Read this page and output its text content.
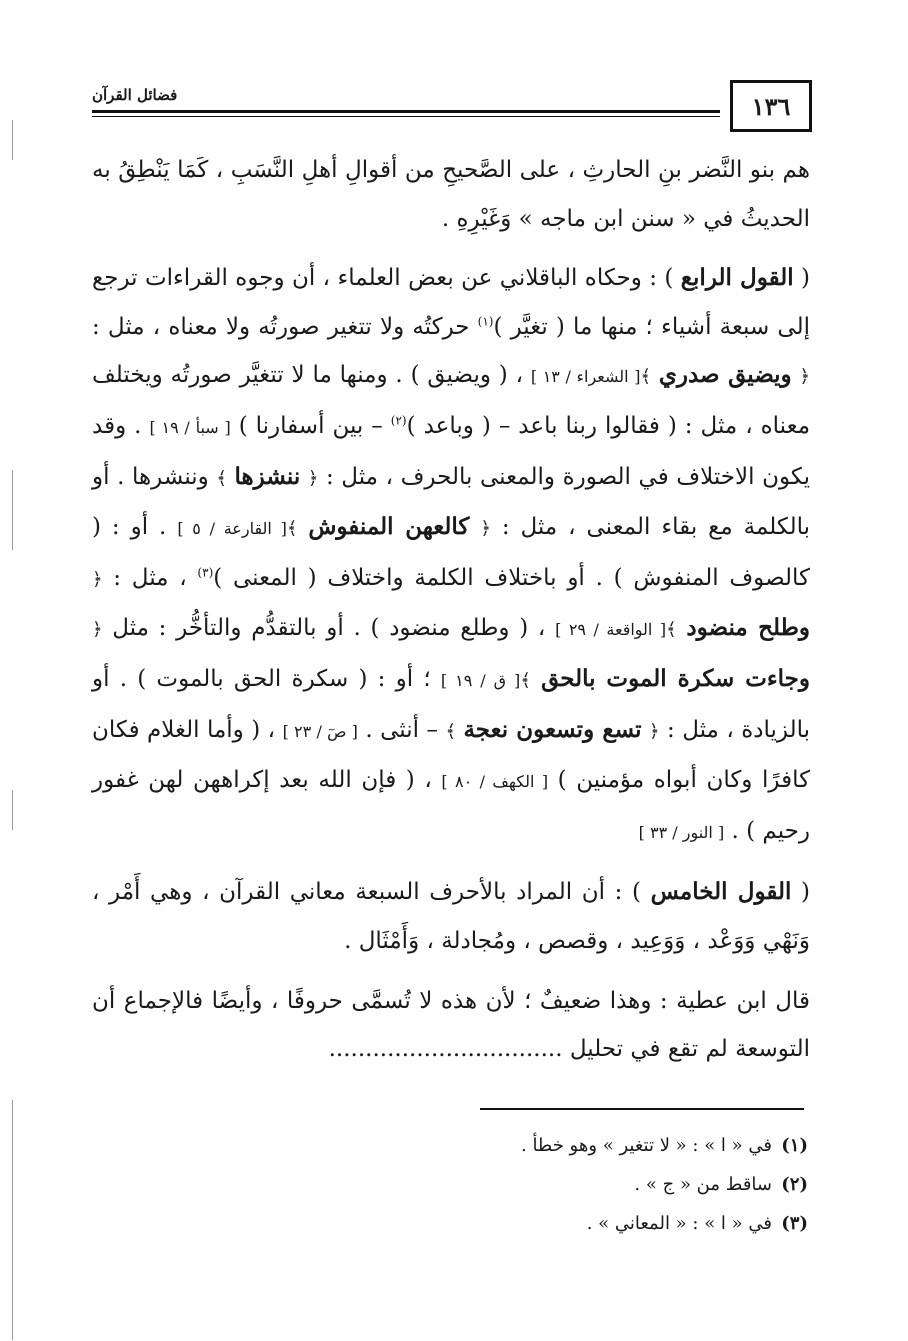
١٣٦
فضائل القرآن

هم بنو النَّضر بنِ الحارثِ ، على الصَّحيحِ من أقوالِ أهلِ النَّسَبِ ، كَمَا يَنْطِقُ به الحديثُ في « سنن ابن ماجه » وَغَيْرِهِ .

( القول الرابع ) : وحكاه الباقلاني عن بعض العلماء ، أن وجوه القراءات ترجع إلى سبعة أشياء ؛ منها ما ( تغيَّر )$^{(١)}$ حركتُه ولا تتغير صورتُه ولا معناه ، مثل : ﴿ ويضيق صدري ﴾[ الشعراء / ١٣ ] ، ( ويضيق ) . ومنها ما لا تتغيَّر صورتُه ويختلف معناه ، مثل : ( فقالوا ربنا باعد – ( وباعد )$^{(٢)}$ – بين أسفارنا ) [ سبأ / ١٩ ] . وقد يكون الاختلاف في الصورة والمعنى بالحرف ، مثل : ﴿ ننشزها ﴾ وننشرها . أو بالكلمة مع بقاء المعنى ، مثل : ﴿ كالعهن المنفوش ﴾[ القارعة / ٥ ] . أو : ( كالصوف المنفوش ) . أو باختلاف الكلمة واختلاف ( المعنى )$^{(٣)}$ ، مثل : ﴿ وطلح منضود ﴾[ الواقعة / ٢٩ ] ، ( وطلع منضود ) . أو بالتقدُّم والتأخُّر : مثل ﴿ وجاءت سكرة الموت بالحق ﴾[ ق / ١٩ ] ؛ أو : ( سكرة الحق بالموت ) . أو بالزيادة ، مثل : ﴿ تسع وتسعون نعجة ﴾ – أنثى . [ صٓ / ٢٣ ] ، ( وأما الغلام فكان كافرًا وكان أبواه مؤمنين ) [ الكهف / ٨٠ ] ، ( فإن الله بعد إكراههن لهن غفور رحيم ) . [ النور / ٣٣ ]

( القول الخامس ) : أن المراد بالأحرف السبعة معاني القرآن ، وهي أَمْر ، وَنَهْي وَوَعْد ، وَوَعِيد ، وقصص ، ومُجادلة ، وَأَمْثَال .

قال ابن عطية : وهذا ضعيفٌ ؛ لأن هذه لا تُسمَّى حروفًا ، وأيضًا فالإجماع أن التوسعة لم تقع في تحليل ................................

(١)في « ا » : « لا تتغير » وهو خطأ .
(٢)ساقط من « ج » .
(٣)في « ا » : « المعاني » .
